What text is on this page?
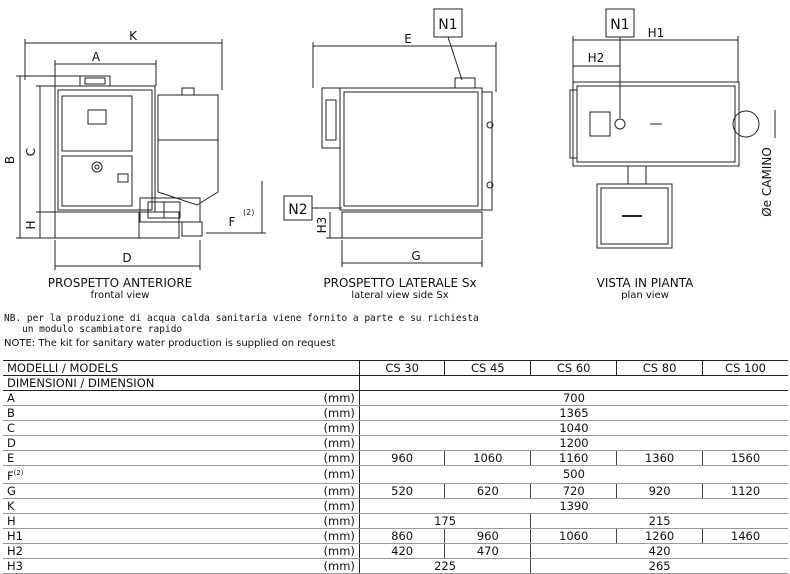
K
A
B
C
H
D
F
(2)
E
G
H3
N1
N2
H1
H2
N1
Øe CAMINO
PROSPETTO ANTERIORE
frontal view
PROSPETTO LATERALE Sx
lateral view side Sx
VISTA IN PIANTA
plan view
NB. per la produzione di acqua calda sanitaria viene fornito a parte e su richiesta
un modulo scambiatore rapido
NOTE: The kit for sanitary water production is supplied on request
MODELLI / MODELS		CS 30	CS 45	CS 60	CS 80	CS 100
DIMENSIONI / DIMENSION						
A	(mm)	700				
B	(mm)	1365				
C	(mm)	1040				
D	(mm)	1200				
E	(mm)	960	1060	1160	1360	1560
$F^{(2)}$	(mm)	500				
G	(mm)	520	620	720	920	1120
K	(mm)	1390				
H	(mm)	175		215		
H1	(mm)	860	960	1060	1260	1460
H2	(mm)	420	470	420		
H3	(mm)	225		265		
